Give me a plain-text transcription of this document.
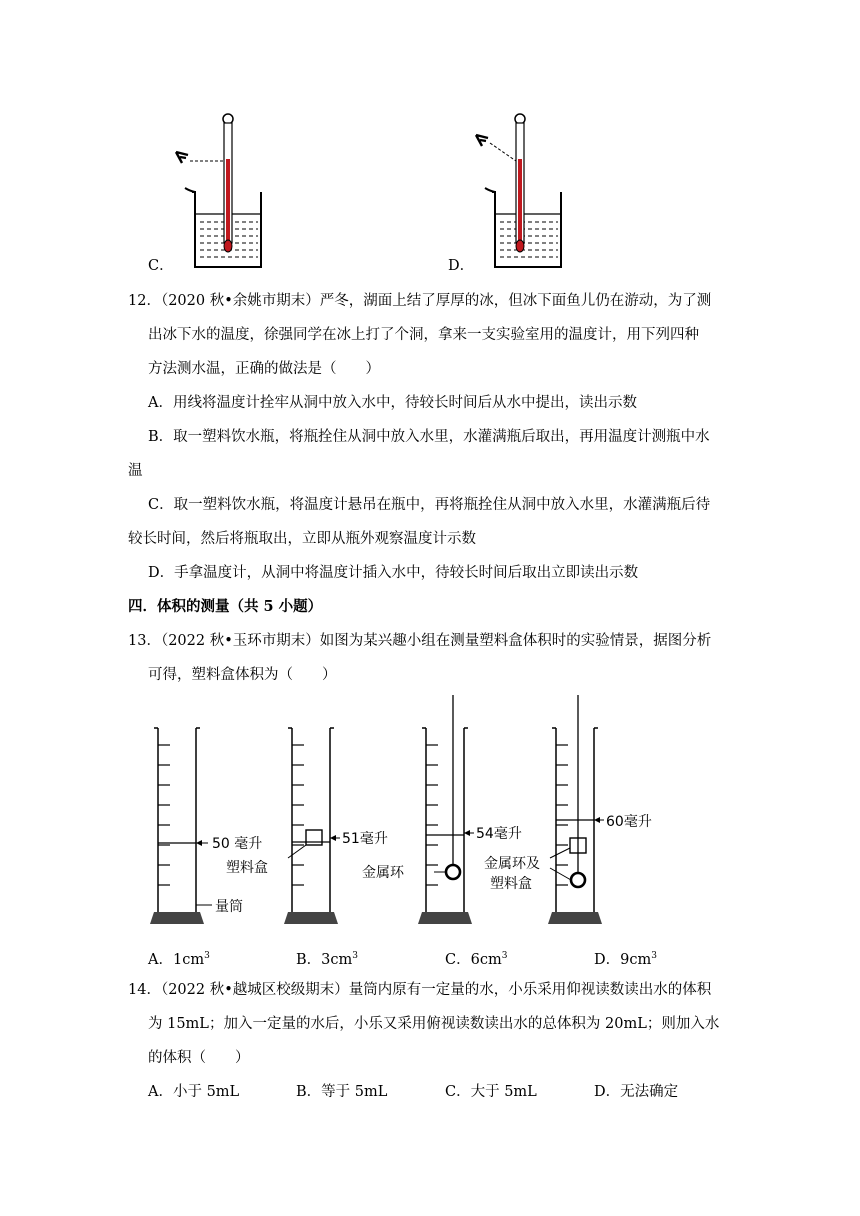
C．	D．
12．（2020 秋•余姚市期末）严冬，湖面上结了厚厚的冰，但冰下面鱼儿仍在游动，为了测
出冰下水的温度，徐强同学在冰上打了个洞，拿来一支实验室用的温度计，用下列四种
方法测水温，正确的做法是（　　）
A．用线将温度计拴牢从洞中放入水中，待较长时间后从水中提出，读出示数
B．取一塑料饮水瓶，将瓶拴住从洞中放入水里，水灌满瓶后取出，再用温度计测瓶中水
温
C．取一塑料饮水瓶，将温度计悬吊在瓶中，再将瓶拴住从洞中放入水里，水灌满瓶后待
较长时间，然后将瓶取出，立即从瓶外观察温度计示数
D．手拿温度计，从洞中将温度计插入水中，待较长时间后取出立即读出示数
四．体积的测量（共 5 小题）
13．（2022 秋•玉环市期末）如图为某兴趣小组在测量塑料盒体积时的实验情景，据图分析
可得，塑料盒体积为（　　）
50 毫升
量筒
51毫升
塑料盒
54毫升
金属环
60毫升
金属环及
塑料盒
A．$1cm^3$	B．$3cm^3$	C．$6cm^3$	D．$9cm^3$
14．（2022 秋•越城区校级期末）量筒内原有一定量的水，小乐采用仰视读数读出水的体积
为 15mL；加入一定量的水后，小乐又采用俯视读数读出水的总体积为 20mL；则加入水
的体积（　　）
A．小于 5mL	B．等于 5mL	C．大于 5mL	D．无法确定
